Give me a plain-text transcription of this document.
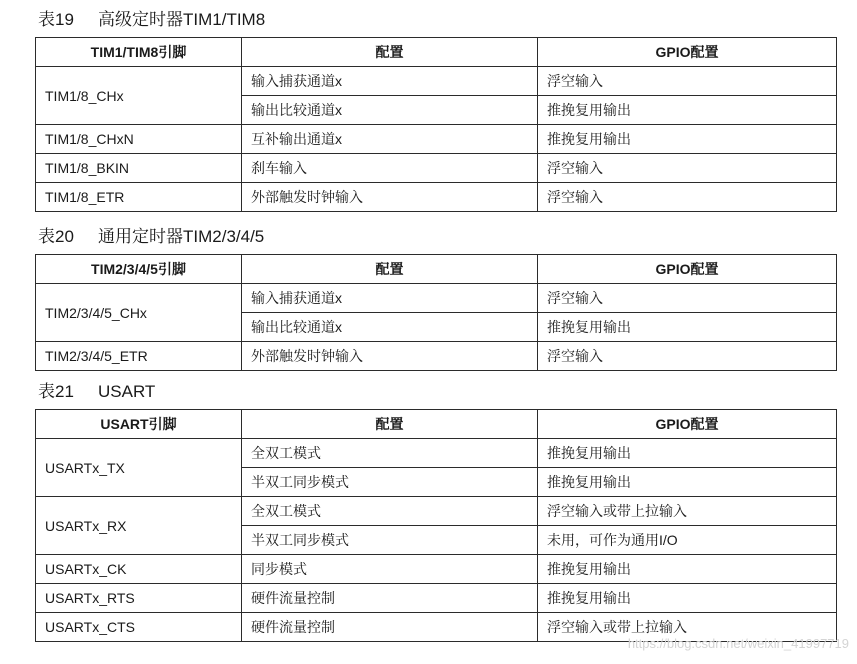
表19 高级定时器TIM1/TIM8
TIM1/TIM8引脚	配置	GPIO配置
TIM1/8_CHx	输入捕获通道x	浮空输入
	输出比较通道x	推挽复用输出
TIM1/8_CHxN	互补输出通道x	推挽复用输出
TIM1/8_BKIN	刹车输入	浮空输入
TIM1/8_ETR	外部触发时钟输入	浮空输入
表20 通用定时器TIM2/3/4/5
TIM2/3/4/5引脚	配置	GPIO配置
TIM2/3/4/5_CHx	输入捕获通道x	浮空输入
	输出比较通道x	推挽复用输出
TIM2/3/4/5_ETR	外部触发时钟输入	浮空输入
表21 USART
USART引脚	配置	GPIO配置
USARTx_TX	全双工模式	推挽复用输出
	半双工同步模式	推挽复用输出
USARTx_RX	全双工模式	浮空输入或带上拉输入
	半双工同步模式	未用，可作为通用I/O
USARTx_CK	同步模式	推挽复用输出
USARTx_RTS	硬件流量控制	推挽复用输出
USARTx_CTS	硬件流量控制	浮空输入或带上拉输入
https://blog.csdn.net/weixin_41997719
